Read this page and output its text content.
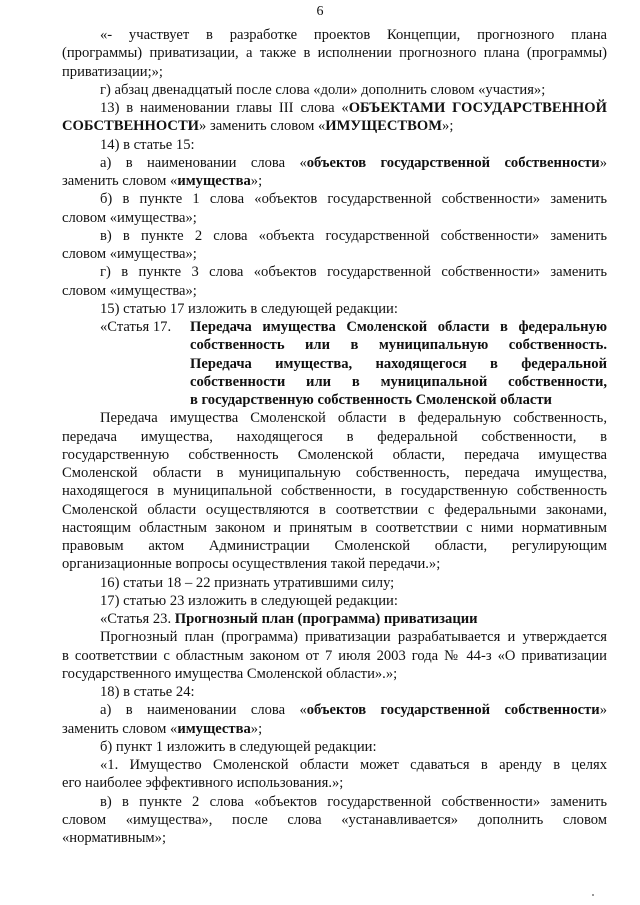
6

«- участвует в разработке проектов Концепции, прогнозного плана

(программы) приватизации, а также в исполнении прогнозного плана (программы)

приватизации;»;

г) абзац двенадцатый после слова «доли» дополнить словом «участия»;

13) в наименовании главы III слова «ОБЪЕКТАМИ ГОСУДАРСТВЕННОЙ

СОБСТВЕННОСТИ» заменить словом «ИМУЩЕСТВОМ»;

14) в статье 15:

а) в наименовании слова «объектов государственной собственности»

заменить словом «имущества»;

б) в пункте 1 слова «объектов государственной собственности» заменить

словом «имущества»;

в) в пункте 2 слова «объекта государственной собственности» заменить

словом «имущества»;

г) в пункте 3 слова «объектов государственной собственности» заменить

словом «имущества»;

15) статью 17 изложить в следующей редакции:

«Статья 17.	Передача имущества Смоленской области в федеральную
собственность или в муниципальную собственность.
Передача имущества, находящегося в федеральной
собственности или в муниципальной собственности,
в государственную собственность Смоленской области

Передача имущества Смоленской области в федеральную собственность,

передача имущества, находящегося в федеральной собственности, в

государственную собственность Смоленской области, передача имущества

Смоленской области в муниципальную собственность, передача имущества,

находящегося в муниципальной собственности, в государственную собственность

Смоленской области осуществляются в соответствии с федеральными законами,

настоящим областным законом и принятым в соответствии с ними нормативным

правовым актом Администрации Смоленской области, регулирующим

организационные вопросы осуществления такой передачи.»;

16) статьи 18 – 22 признать утратившими силу;

17) статью 23 изложить в следующей редакции:

«Статья 23. Прогнозный план (программа) приватизации

Прогнозный план (программа) приватизации разрабатывается и утверждается

в соответствии с областным законом от 7 июля 2003 года № 44-з «О приватизации

государственного имущества Смоленской области».»;

18) в статье 24:

а) в наименовании слова «объектов государственной собственности»

заменить словом «имущества»;

б) пункт 1 изложить в следующей редакции:

«1. Имущество Смоленской области может сдаваться в аренду в целях

его наиболее эффективного использования.»;

в) в пункте 2 слова «объектов государственной собственности» заменить

словом «имущества», после слова «устанавливается» дополнить словом

«нормативным»;
